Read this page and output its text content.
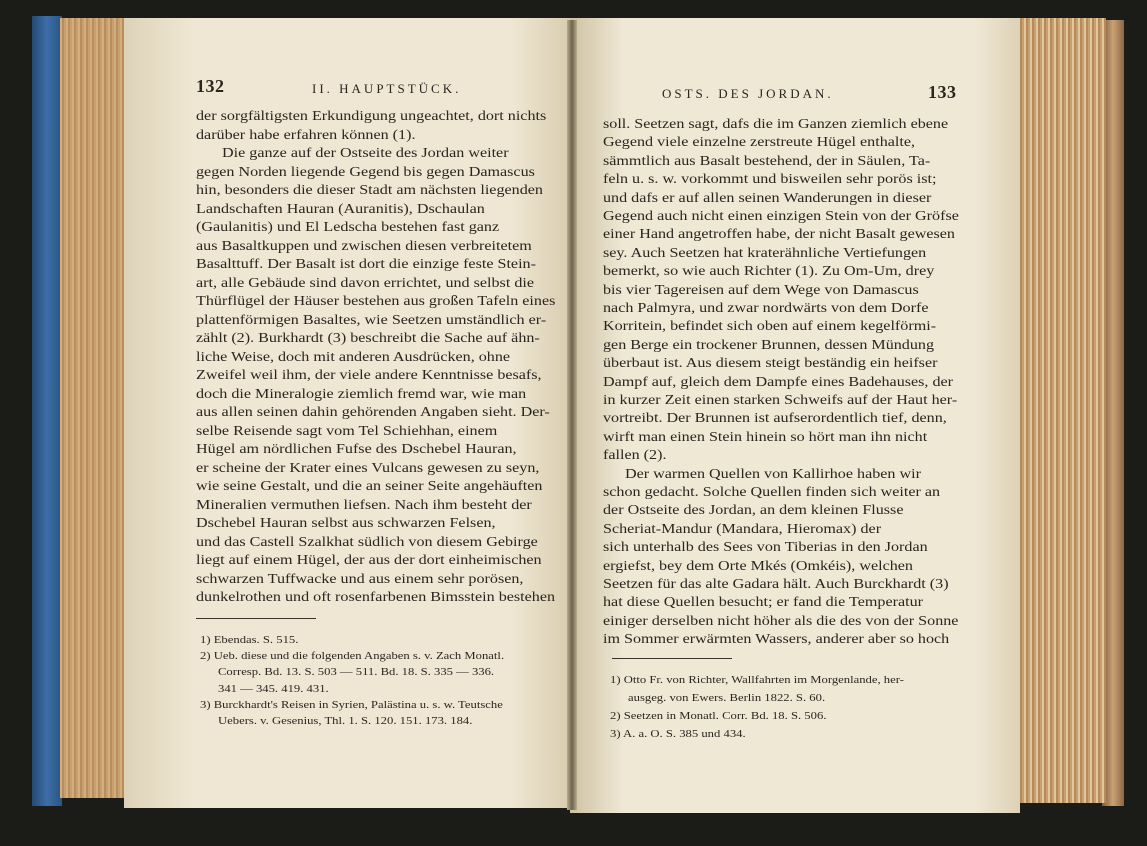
132	II. HAUPTSTÜCK.
der sorgfältigsten Erkundigung ungeachtet, dort nichts
darüber habe erfahren können (1).
Die ganze auf der Ostseite des Jordan weiter
gegen Norden liegende Gegend bis gegen Damascus
hin, besonders die dieser Stadt am nächsten liegenden
Landschaften Hauran (Auranitis), Dschaulan
(Gaulanitis) und El Ledscha bestehen fast ganz
aus Basaltkuppen und zwischen diesen verbreitetem
Basalttuff. Der Basalt ist dort die einzige feste Stein-
art, alle Gebäude sind davon errichtet, und selbst die
Thürflügel der Häuser bestehen aus großen Tafeln eines
plattenförmigen Basaltes, wie Seetzen umständlich er-
zählt (2). Burkhardt (3) beschreibt die Sache auf ähn-
liche Weise, doch mit anderen Ausdrücken, ohne
Zweifel weil ihm, der viele andere Kenntnisse besafs,
doch die Mineralogie ziemlich fremd war, wie man
aus allen seinen dahin gehörenden Angaben sieht. Der-
selbe Reisende sagt vom Tel Schiehhan, einem
Hügel am nördlichen Fufse des Dschebel Hauran,
er scheine der Krater eines Vulcans gewesen zu seyn,
wie seine Gestalt, und die an seiner Seite angehäuften
Mineralien vermuthen liefsen. Nach ihm besteht der
Dschebel Hauran selbst aus schwarzen Felsen,
und das Castell Szalkhat südlich von diesem Gebirge
liegt auf einem Hügel, der aus der dort einheimischen
schwarzen Tuffwacke und aus einem sehr porösen,
dunkelrothen und oft rosenfarbenen Bimsstein bestehen
1) Ebendas. S. 515.
2) Ueb. diese und die folgenden Angaben s. v. Zach Monatl.
Corresp. Bd. 13. S. 503 — 511. Bd. 18. S. 335 — 336.
341 — 345. 419. 431.
3) Burckhardt's Reisen in Syrien, Palästina u. s. w. Teutsche
Uebers. v. Gesenius, Thl. 1. S. 120. 151. 173. 184.
OSTS. DES JORDAN.	133
soll. Seetzen sagt, dafs die im Ganzen ziemlich ebene
Gegend viele einzelne zerstreute Hügel enthalte,
sämmtlich aus Basalt bestehend, der in Säulen, Ta-
feln u. s. w. vorkommt und bisweilen sehr porös ist;
und dafs er auf allen seinen Wanderungen in dieser
Gegend auch nicht einen einzigen Stein von der Gröfse
einer Hand angetroffen habe, der nicht Basalt gewesen
sey. Auch Seetzen hat kraterähnliche Vertiefungen
bemerkt, so wie auch Richter (1). Zu Om-Um, drey
bis vier Tagereisen auf dem Wege von Damascus
nach Palmyra, und zwar nordwärts von dem Dorfe
Korritein, befindet sich oben auf einem kegelförmi-
gen Berge ein trockener Brunnen, dessen Mündung
überbaut ist. Aus diesem steigt beständig ein heifser
Dampf auf, gleich dem Dampfe eines Badehauses, der
in kurzer Zeit einen starken Schweifs auf der Haut her-
vortreibt. Der Brunnen ist aufserordentlich tief, denn,
wirft man einen Stein hinein so hört man ihn nicht
fallen (2).
Der warmen Quellen von Kallirhoe haben wir
schon gedacht. Solche Quellen finden sich weiter an
der Ostseite des Jordan, an dem kleinen Flusse
Scheriat-Mandur (Mandara, Hieromax) der
sich unterhalb des Sees von Tiberias in den Jordan
ergiefst, bey dem Orte Mkés (Omkéis), welchen
Seetzen für das alte Gadara hält. Auch Burckhardt (3)
hat diese Quellen besucht; er fand die Temperatur
einiger derselben nicht höher als die des von der Sonne
im Sommer erwärmten Wassers, anderer aber so hoch
1) Otto Fr. von Richter, Wallfahrten im Morgenlande, her-
ausgeg. von Ewers. Berlin 1822. S. 60.
2) Seetzen in Monatl. Corr. Bd. 18. S. 506.
3) A. a. O. S. 385 und 434.
